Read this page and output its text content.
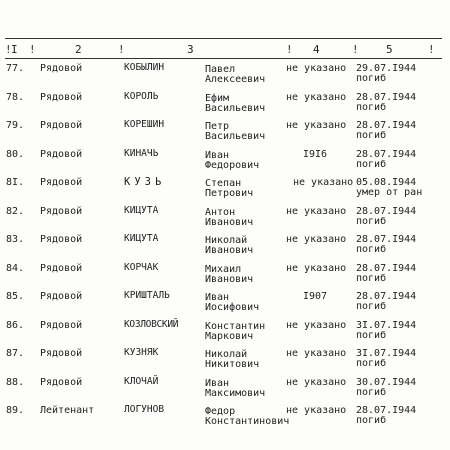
! I !	2	!	3	! 4	! 5	!
77. Рядовой	КОБЫЛИН	Павел
Алексеевич
не указано 29.07.I944
погиб
78. Рядовой	КОРОЛЬ	Ефим
Васильевич
не указано 28.07.I944
погиб
79. Рядовой	КОРЕШИН	Петр
Васильевич
не указано 28.07.I944
погиб
80. Рядовой	КИНАЧЬ	Иван
Федорович
I9I6	28.07.I944
погиб
8I. Рядовой	КУЗЬ	Степан
Петрович
не указано 05.08.I944
умер от ран
82. Рядовой	КИЦУТА	Антон
Иванович
не указано 28.07.I944
погиб
83. Рядовой	КИЦУТА	Николай
Иванович
не указано 28.07.I944
погиб
84. Рядовой	КОРЧАК	Михаил
Иванович
не указано 28.07.I944
погиб
85. Рядовой	КРИШТАЛЬ	Иван
Иосифович
I907	28.07.I944
погиб
86. Рядовой	КОЗЛОВСКИЙ	Константин
Маркович
не указано 3I.07.I944
погиб
87. Рядовой	КУЗНЯК	Николай
Никитович
не указано 3I.07.I944
погиб
88. Рядовой	КЛОЧАЙ	Иван
Максимович
не указано 30.07.I944
погиб
89. Лейтенант	ЛОГУНОВ	Федор
Константинович
не указано 28.07.I944
погиб
